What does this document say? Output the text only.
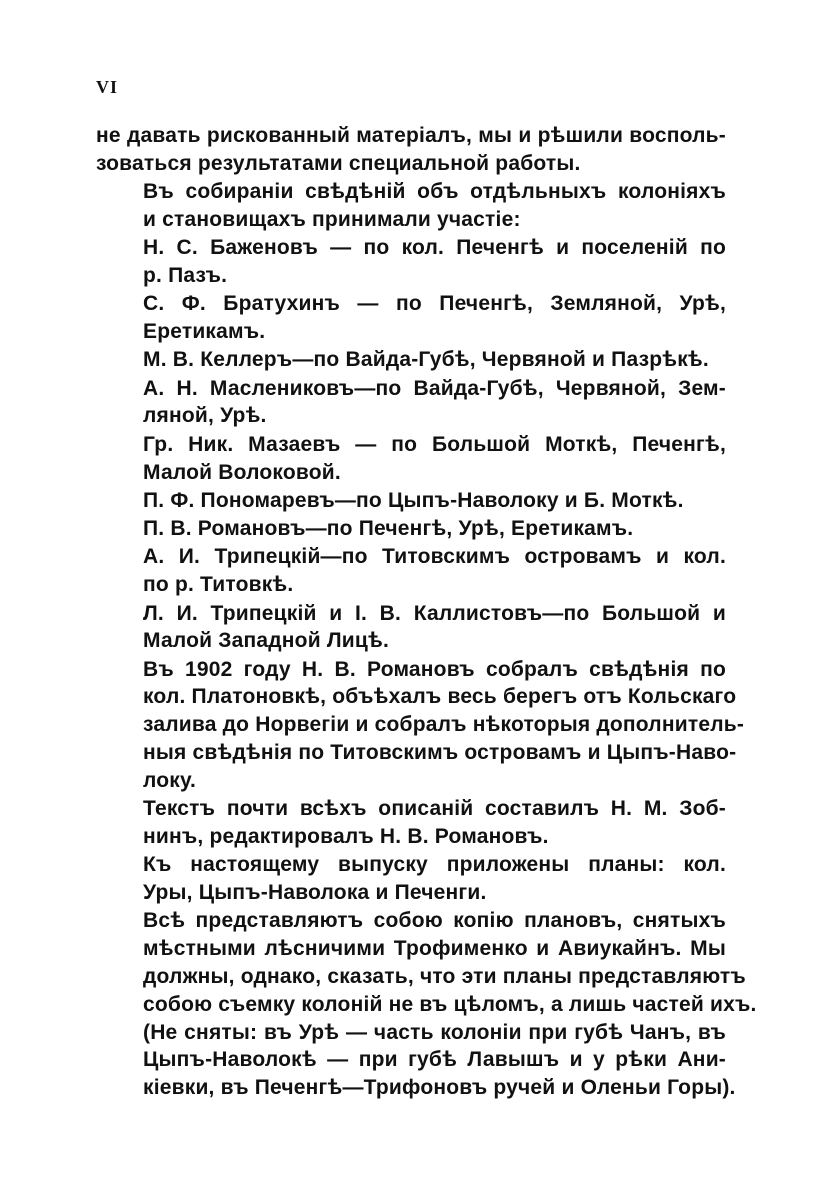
VI
не давать рискованный матеріалъ, мы и рѣшили восполь-
зоваться результатами специальной работы.
Въ собираніи свѣдѣній объ отдѣльныхъ колоніяхъ
и становищахъ принимали участіе:
Н. С. Баженовъ — по кол. Печенгѣ и поселеній по
р. Пазъ.
С. Ф. Братухинъ — по Печенгѣ, Земляной, Урѣ,
Еретикамъ.
М. В. Келлеръ—по Вайда-Губѣ, Червяной и Пазрѣкѣ.
А. Н. Маслениковъ—по Вайда-Губѣ, Червяной, Зем-
ляной, Урѣ.
Гр. Ник. Мазаевъ — по Большой Моткѣ, Печенгѣ,
Малой Волоковой.
П. Ф. Пономаревъ—по Цыпъ-Наволоку и Б. Моткѣ.
П. В. Романовъ—по Печенгѣ, Урѣ, Еретикамъ.
А. И. Трипецкій—по Титовскимъ островамъ и кол.
по р. Титовкѣ.
Л. И. Трипецкій и І. В. Каллистовъ—по Большой и
Малой Западной Лицѣ.
Въ 1902 году Н. В. Романовъ собралъ свѣдѣнія по
кол. Платоновкѣ, объѣхалъ весь берегъ отъ Кольскаго
залива до Норвегіи и собралъ нѣкоторыя дополнитель-
ныя свѣдѣнія по Титовскимъ островамъ и Цыпъ-Наво-
локу.
Текстъ почти всѣхъ описаній составилъ Н. М. Зоб-
нинъ, редактировалъ Н. В. Романовъ.
Къ настоящему выпуску приложены планы: кол.
Уры, Цыпъ-Наволока и Печенги.
Всѣ представляютъ собою копію плановъ, снятыхъ
мѣстными лѣсничими Трофименко и Авиукайнъ. Мы
должны, однако, сказать, что эти планы представляютъ
собою съемку колоній не въ цѣломъ, а лишь частей ихъ.
(Не сняты: въ Урѣ — часть колоніи при губѣ Чанъ, въ
Цыпъ-Наволокѣ — при губѣ Лавышъ и у рѣки Ани-
кіевки, въ Печенгѣ—Трифоновъ ручей и Оленьи Горы).
